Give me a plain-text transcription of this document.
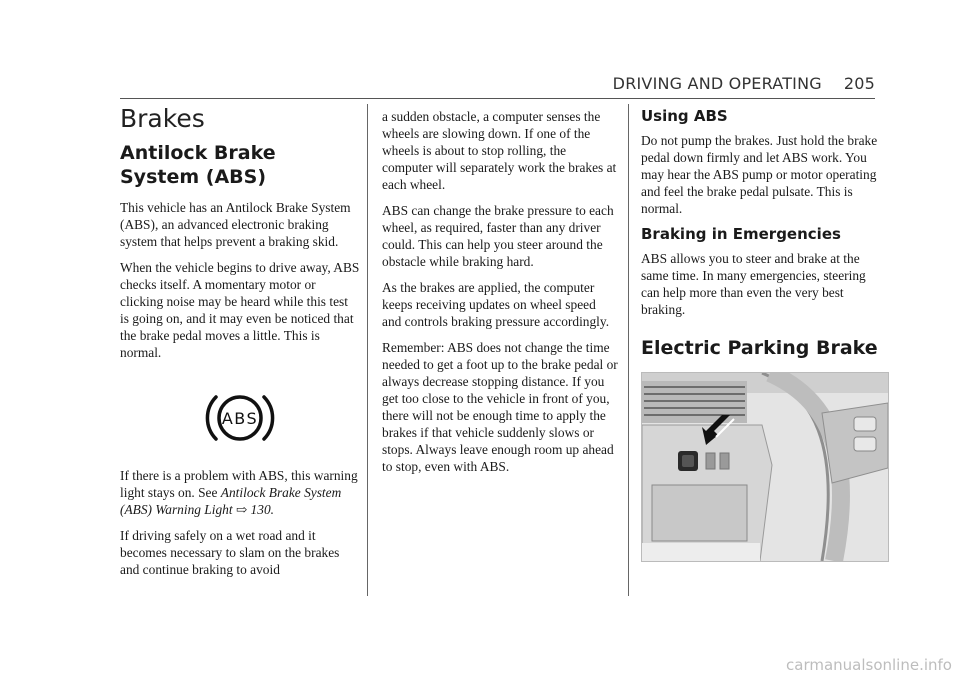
DRIVING AND OPERATING 205
Brakes
Antilock Brake System (ABS)

This vehicle has an Antilock Brake System (ABS), an advanced electronic braking system that helps prevent a braking skid.

When the vehicle begins to drive away, ABS checks itself. A momentary motor or clicking noise may be heard while this test is going on, and it may even be noticed that the brake pedal moves a little. This is normal.

ABS

If there is a problem with ABS, this warning light stays on. See Antilock Brake System (ABS) Warning Light ⇨ 130.

If driving safely on a wet road and it becomes necessary to slam on the brakes and continue braking to avoid

a sudden obstacle, a computer senses the wheels are slowing down. If one of the wheels is about to stop rolling, the computer will separately work the brakes at each wheel.

ABS can change the brake pressure to each wheel, as required, faster than any driver could. This can help you steer around the obstacle while braking hard.

As the brakes are applied, the computer keeps receiving updates on wheel speed and controls braking pressure accordingly.

Remember: ABS does not change the time needed to get a foot up to the brake pedal or always decrease stopping distance. If you get too close to the vehicle in front of you, there will not be enough time to apply the brakes if that vehicle suddenly slows or stops. Always leave enough room up ahead to stop, even with ABS.

Using ABS

Do not pump the brakes. Just hold the brake pedal down firmly and let ABS work. You may hear the ABS pump or motor operating and feel the brake pedal pulsate. This is normal.

Braking in Emergencies

ABS allows you to steer and brake at the same time. In many emergencies, steering can help more than even the very best braking.

Electric Parking Brake
carmanualsonline.info
